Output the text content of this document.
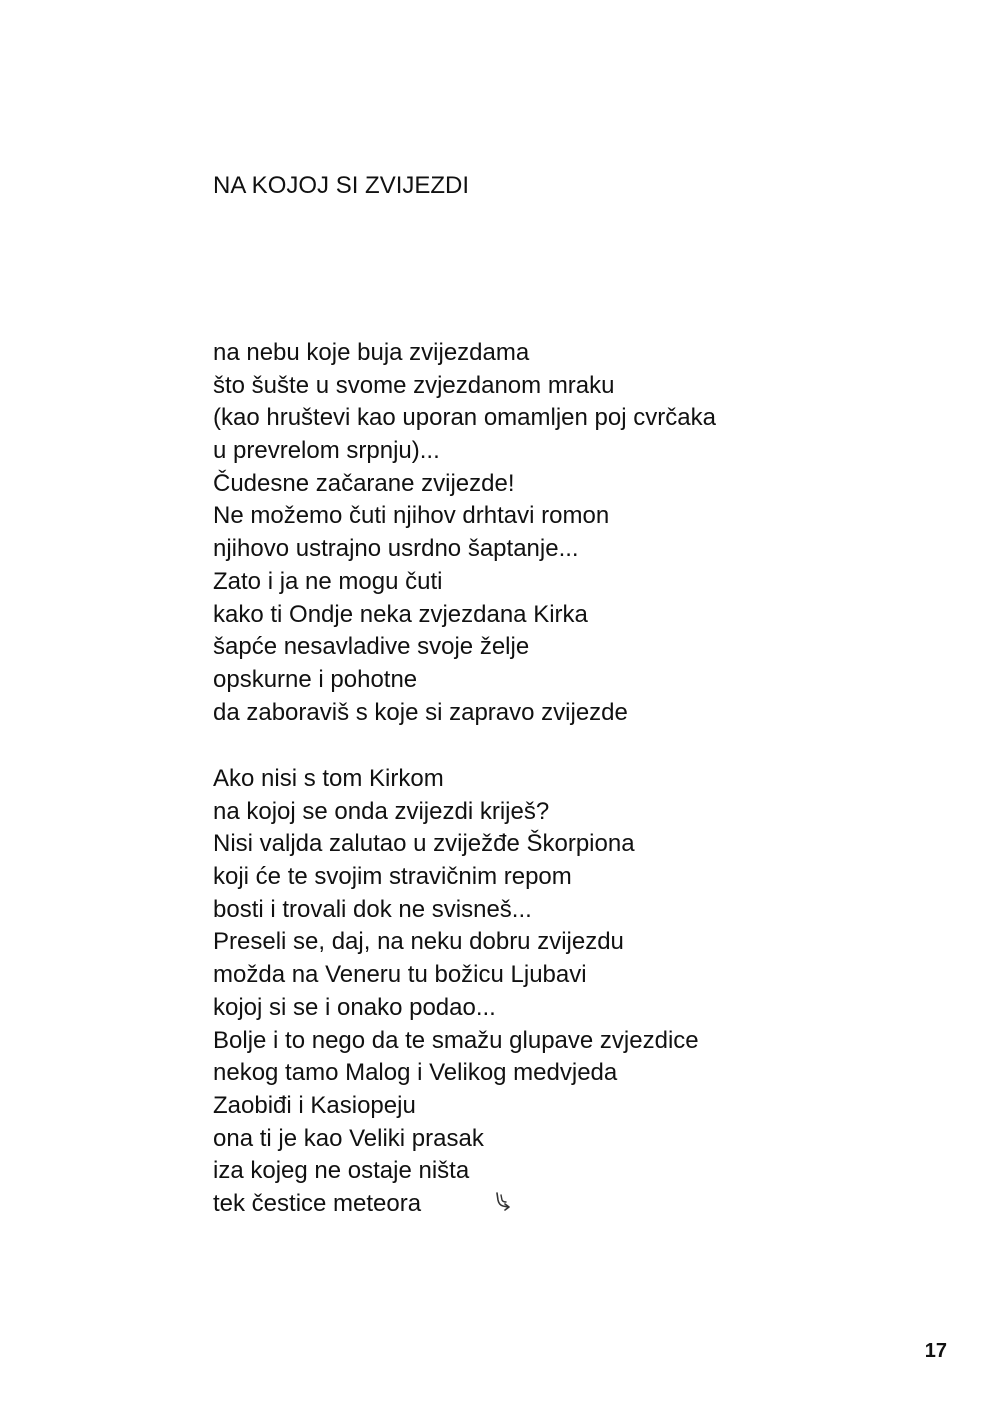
NA KOJOJ SI ZVIJEZDI
na nebu koje buja zvijezdama
što šušte u svome zvjezdanom mraku
(kao hruštevi kao uporan omamljen poj cvrčaka
u prevrelom srpnju)...
Čudesne začarane zvijezde!
Ne možemo čuti njihov drhtavi romon
njihovo ustrajno usrdno šaptanje...
Zato i ja ne mogu čuti
kako ti Ondje neka zvjezdana Kirka
šapće nesavladive svoje želje
opskurne i pohotne
da zaboraviš s koje si zapravo zvijezde
Ako nisi s tom Kirkom
na kojoj se onda zvijezdi kriješ?
Nisi valjda zalutao u zviježđe Škorpiona
koji će te svojim stravičnim repom
bosti i trovali dok ne svisneš...
Preseli se, daj, na neku dobru zvijezdu
možda na Veneru tu božicu Ljubavi
kojoj si se i onako podao...
Bolje i to nego da te smažu glupave zvjezdice
nekog tamo Malog i Velikog medvjeda
Zaobiđi i Kasiopeju
ona ti je kao Veliki prasak
iza kojeg ne ostaje ništa
tek čestice meteora

17
